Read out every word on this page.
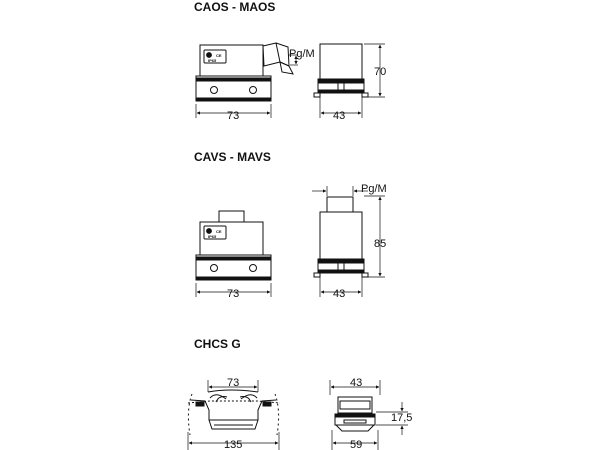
CAOS - MAOS
CAVS - MAVS
CHCS G
CE
IP65
73	43
70
Pg/M
CE
IP65
73	43
85
Pg/M
73
135
43
59
17,5
